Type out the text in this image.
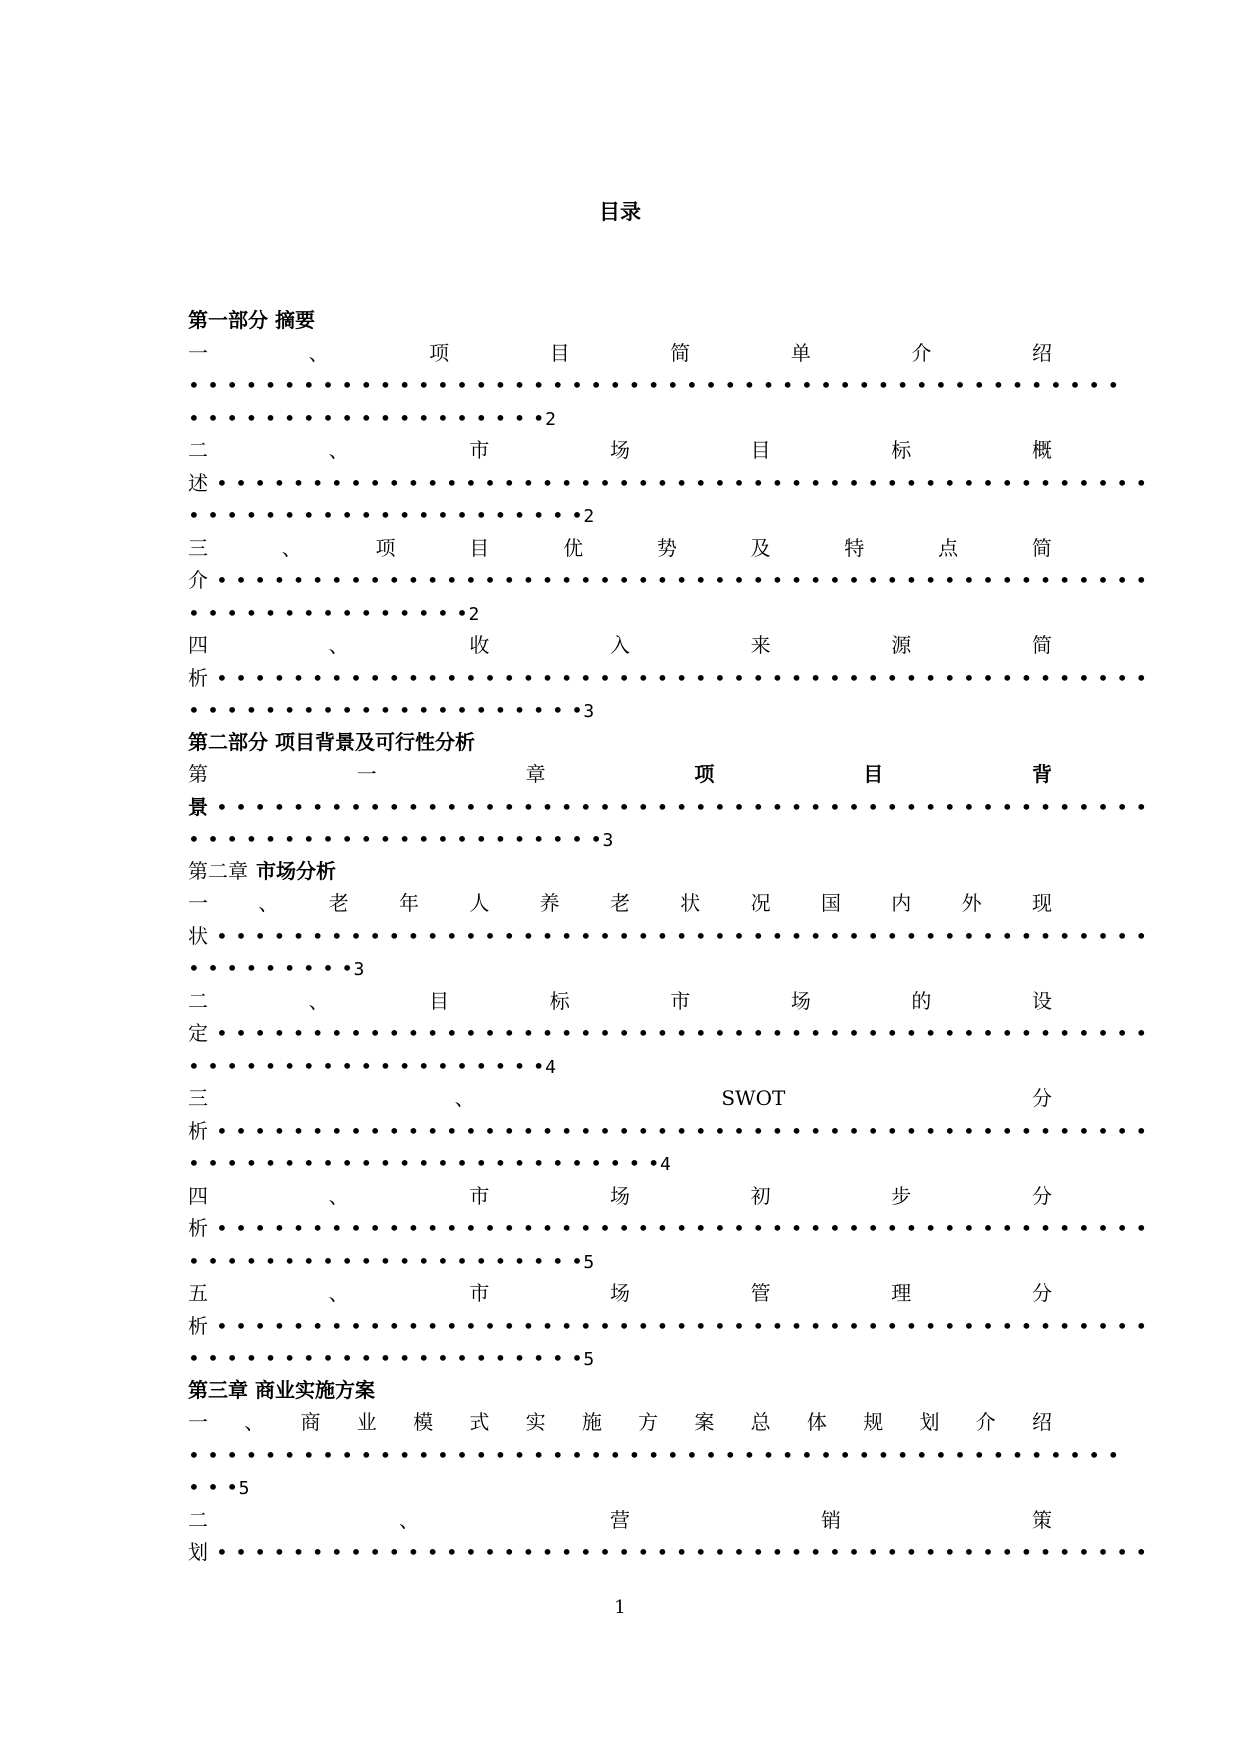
目录
第一部分 摘要
一	、	项	目	简	单	介	绍
• • • • • • • • • • • • • • • • • • • • • • • • • • • • • • • • • • • • • • • • • • • • • • • • •
• • • • • • • • • • • • • • • • • • •2
二	、	市	场	目	标	概
述 • • • • • • • • • • • • • • • • • • • • • • • • • • • • • • • • • • • • • • • • • • • • • • • • •
• • • • • • • • • • • • • • • • • • • • •2
三	、	项	目	优	势	及	特	点	简
介 • • • • • • • • • • • • • • • • • • • • • • • • • • • • • • • • • • • • • • • • • • • • • • • • •
• • • • • • • • • • • • • • •2
四	、	收	入	来	源	简
析 • • • • • • • • • • • • • • • • • • • • • • • • • • • • • • • • • • • • • • • • • • • • • • • • •
• • • • • • • • • • • • • • • • • • • • •3
第二部分 项目背景及可行性分析
第	一	章	项	目	背
景 • • • • • • • • • • • • • • • • • • • • • • • • • • • • • • • • • • • • • • • • • • • • • • • • •
• • • • • • • • • • • • • • • • • • • • • •3
第二章 市场分析
一	、	老	年	人	养	老	状	况	国	内	外	现
状 • • • • • • • • • • • • • • • • • • • • • • • • • • • • • • • • • • • • • • • • • • • • • • • • •
• • • • • • • • •3
二	、	目	标	市	场	的	设
定 • • • • • • • • • • • • • • • • • • • • • • • • • • • • • • • • • • • • • • • • • • • • • • • • •
• • • • • • • • • • • • • • • • • • •4
三	、	SWOT	分
析 • • • • • • • • • • • • • • • • • • • • • • • • • • • • • • • • • • • • • • • • • • • • • • • • •
• • • • • • • • • • • • • • • • • • • • • • • • •4
四	、	市	场	初	步	分
析 • • • • • • • • • • • • • • • • • • • • • • • • • • • • • • • • • • • • • • • • • • • • • • • • •
• • • • • • • • • • • • • • • • • • • • •5
五	、	市	场	管	理	分
析 • • • • • • • • • • • • • • • • • • • • • • • • • • • • • • • • • • • • • • • • • • • • • • • • •
• • • • • • • • • • • • • • • • • • • • •5
第三章 商业实施方案
一 、 商 业 模 式 实 施 方 案 总 体 规 划 介 绍
• • • • • • • • • • • • • • • • • • • • • • • • • • • • • • • • • • • • • • • • • • • • • • • • •
• • •5
二	、	营	销	策
划 • • • • • • • • • • • • • • • • • • • • • • • • • • • • • • • • • • • • • • • • • • • • • • • • •
1
